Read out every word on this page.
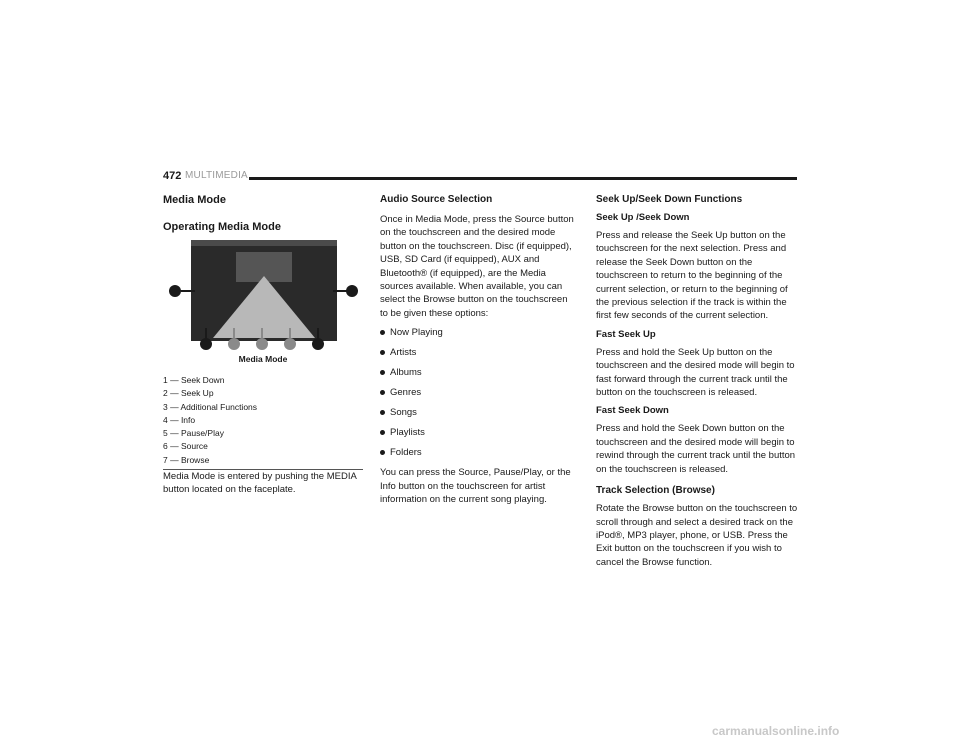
472 MULTIMEDIA
Media Mode
Operating Media Mode
Media Mode

1 — Seek Down

2 — Seek Up

3 — Additional Functions

4 — Info

5 — Pause/Play

6 — Source

7 — Browse

Media Mode is entered by pushing the MEDIA button located on the faceplate.

Audio Source Selection

Once in Media Mode, press the Source button on the touchscreen and the desired mode button on the touchscreen. Disc (if equipped), USB, SD Card (if equipped), AUX and Bluetooth® (if equipped), are the Media sources available. When available, you can select the Browse button on the touchscreen to be given these options:

Now Playing
Artists
Albums
Genres
Songs
Playlists
Folders

You can press the Source, Pause/Play, or the Info button on the touchscreen for artist information on the current song playing.

Seek Up/Seek Down Functions
Seek Up /Seek Down

Press and release the Seek Up button on the touchscreen for the next selection. Press and release the Seek Down button on the touchscreen to return to the beginning of the current selection, or return to the beginning of the previous selection if the track is within the first few seconds of the current selection.

Fast Seek Up

Press and hold the Seek Up button on the touchscreen and the desired mode will begin to fast forward through the current track until the button on the touchscreen is released.

Fast Seek Down

Press and hold the Seek Down button on the touchscreen and the desired mode will begin to rewind through the current track until the button on the touchscreen is released.

Track Selection (Browse)

Rotate the Browse button on the touchscreen to scroll through and select a desired track on the iPod®, MP3 player, phone, or USB. Press the Exit button on the touchscreen if you wish to cancel the Browse function.

carmanualsonline.info
